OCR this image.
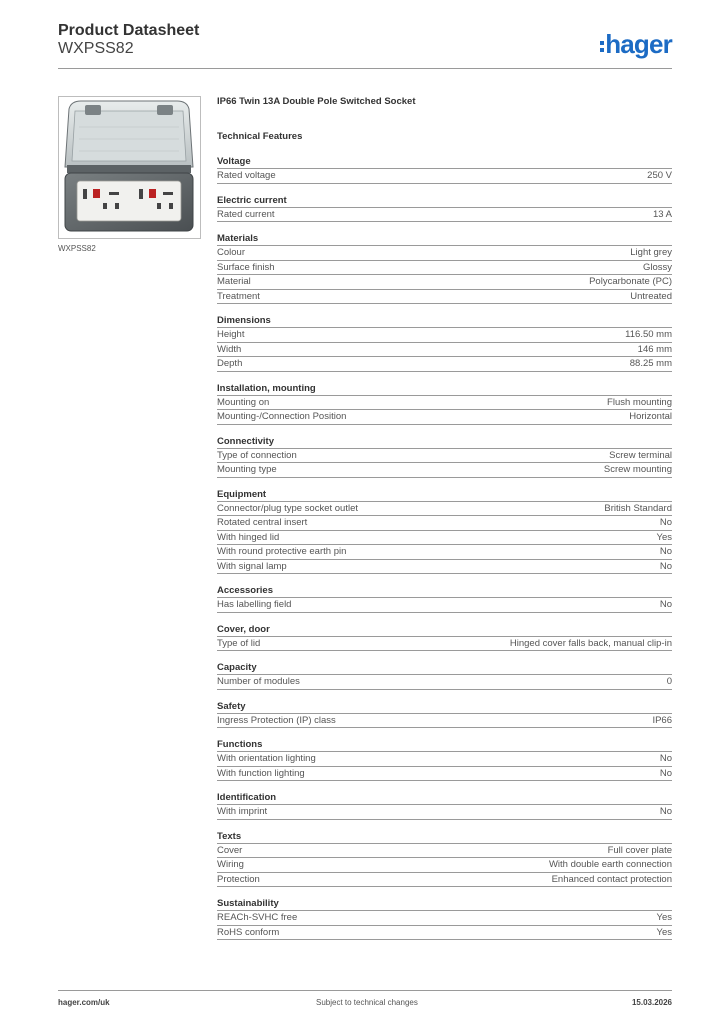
Product Datasheet
WXPSS82	hager
WXPSS82
IP66 Twin 13A Double Pole Switched Socket
Technical Features
Voltage
Rated voltage	250 V
Electric current
Rated current	13 A
Materials
Colour	Light grey
Surface finish	Glossy
Material	Polycarbonate (PC)
Treatment	Untreated
Dimensions
Height	116.50 mm
Width	146 mm
Depth	88.25 mm
Installation, mounting
Mounting on	Flush mounting
Mounting-/Connection Position	Horizontal
Connectivity
Type of connection	Screw terminal
Mounting type	Screw mounting
Equipment
Connector/plug type socket outlet	British Standard
Rotated central insert	No
With hinged lid	Yes
With round protective earth pin	No
With signal lamp	No
Accessories
Has labelling field	No
Cover, door
Type of lid	Hinged cover falls back, manual clip-in
Capacity
Number of modules	0
Safety
Ingress Protection (IP) class	IP66
Functions
With orientation lighting	No
With function lighting	No
Identification
With imprint	No
Texts
Cover	Full cover plate
Wiring	With double earth connection
Protection	Enhanced contact protection
Sustainability
REACh-SVHC free	Yes
RoHS conform	Yes
hager.com/uk	Subject to technical changes	15.03.2026
